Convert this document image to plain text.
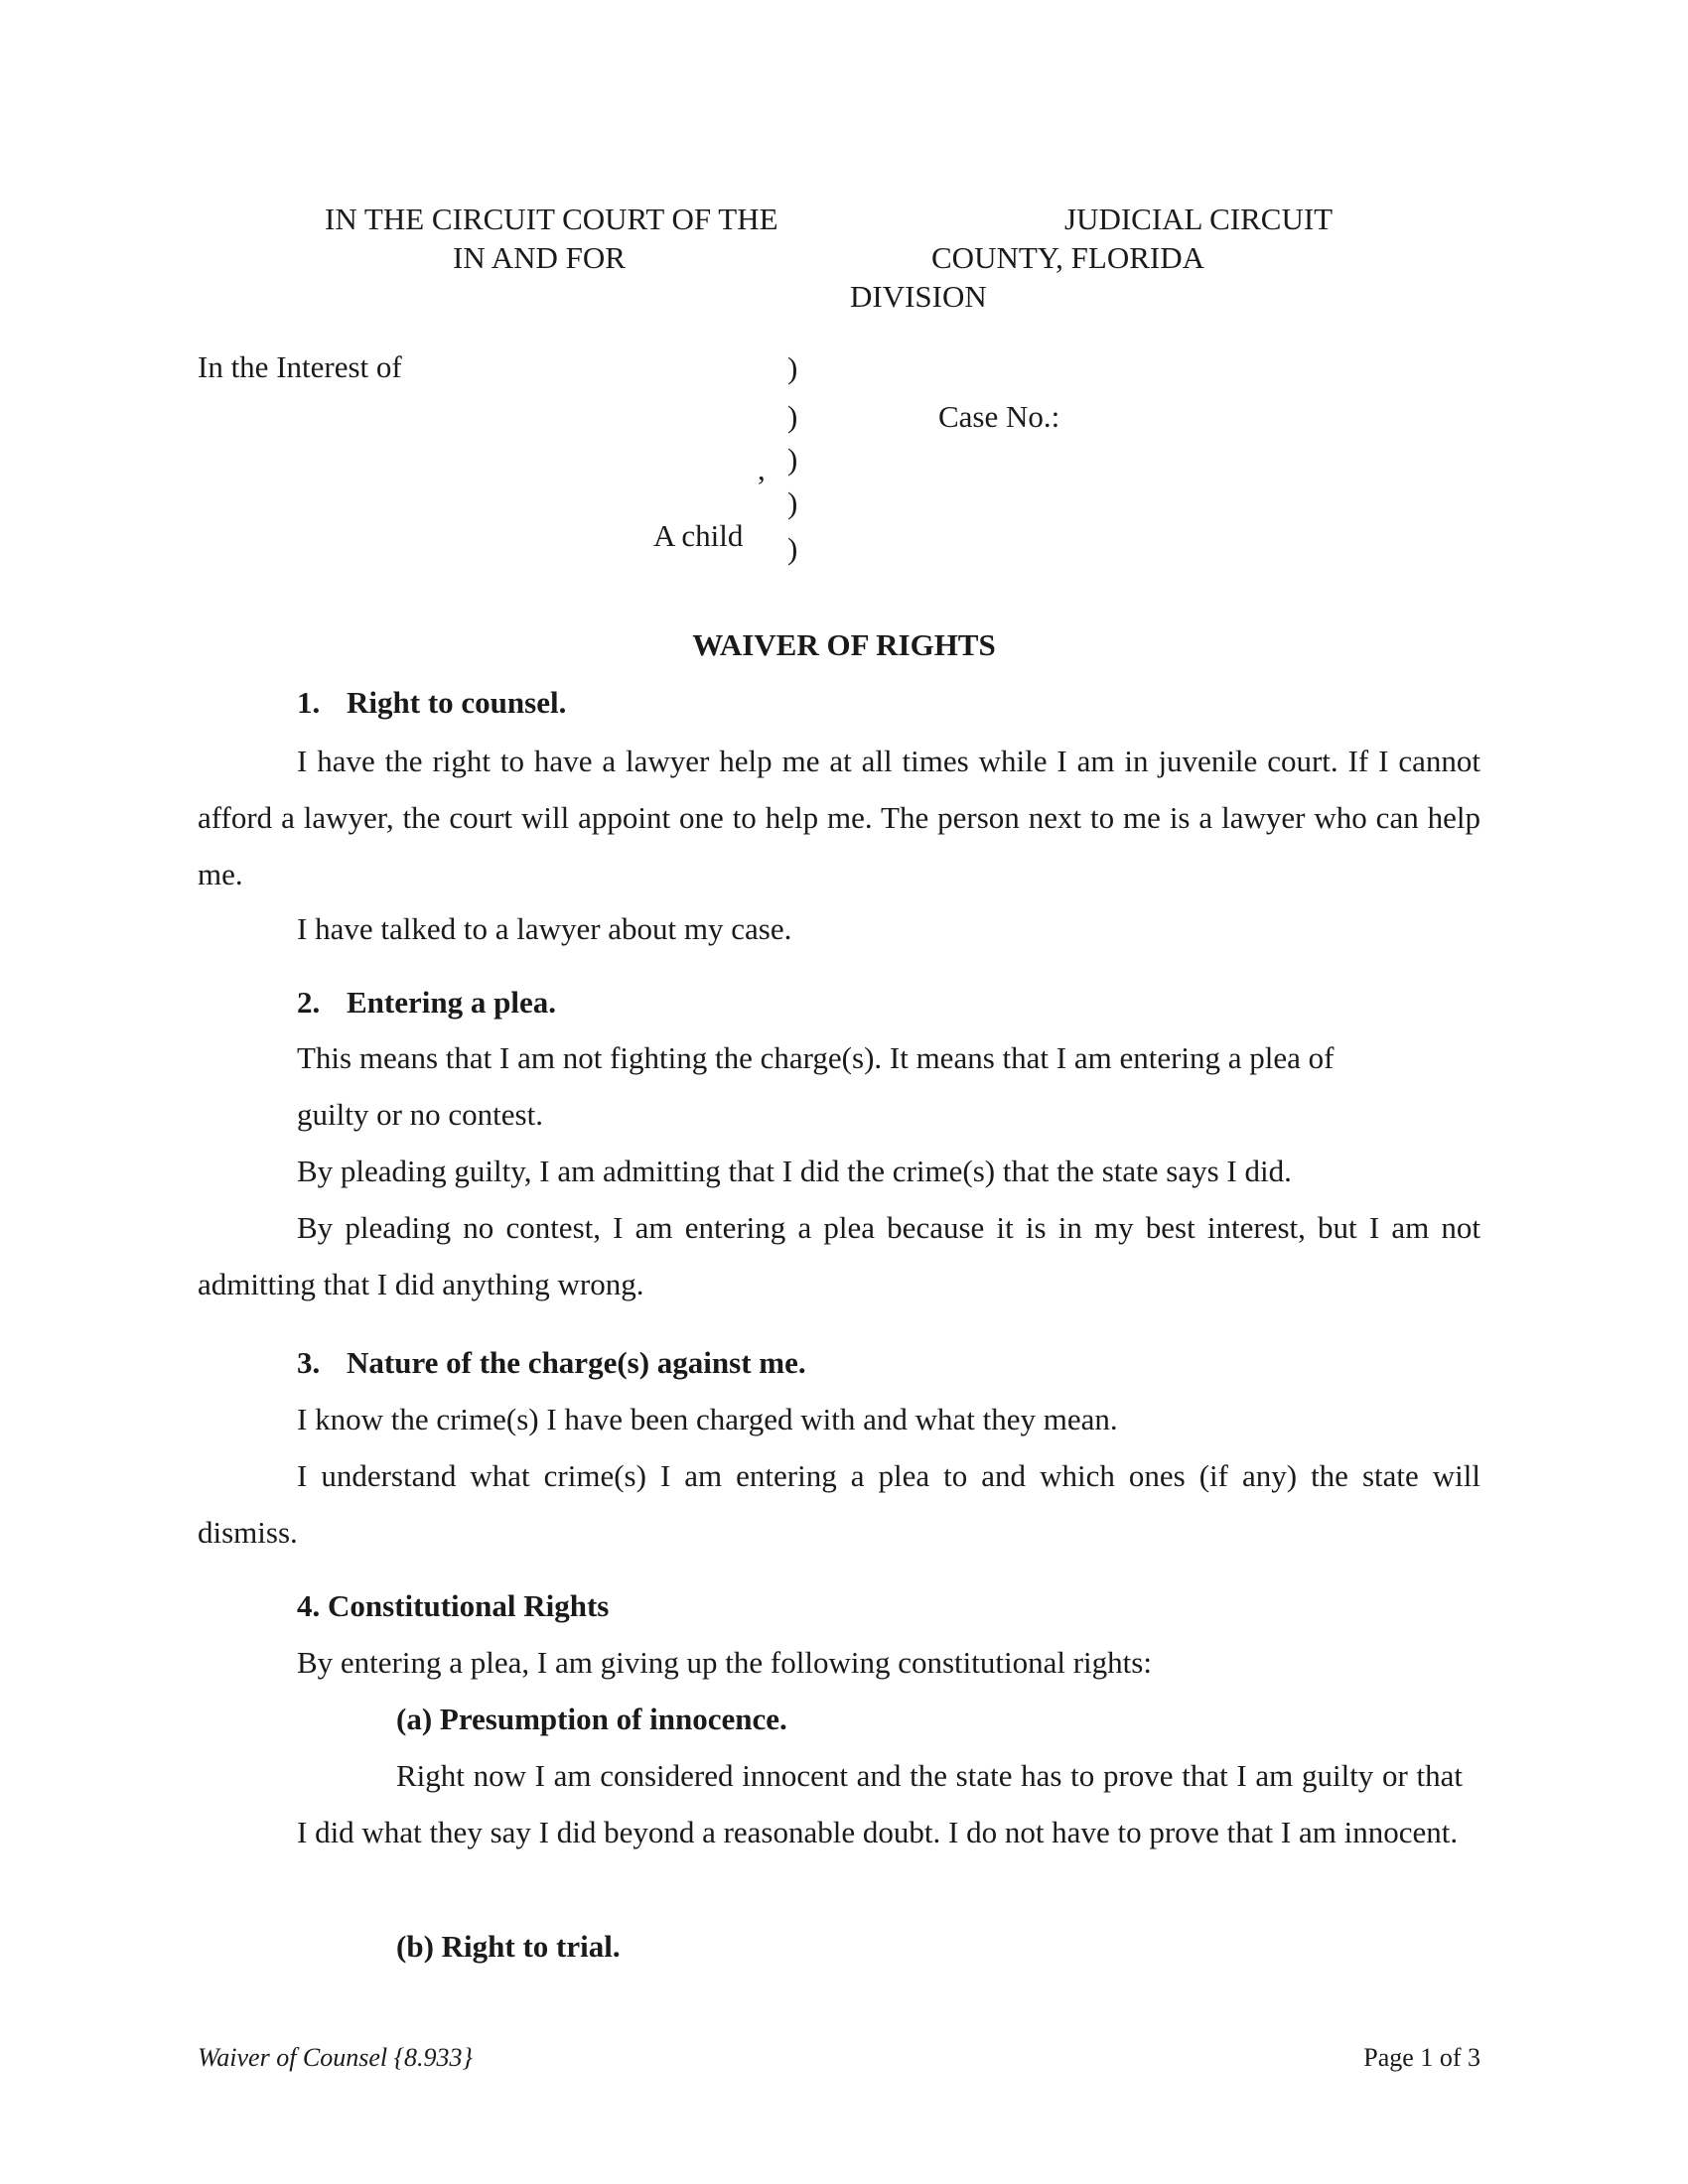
IN THE CIRCUIT COURT OF THE	JUDICIAL CIRCUIT
IN AND FOR	COUNTY, FLORIDA
DIVISION
In the Interest of	)
)	Case No.:
, )
)
A child )
WAIVER OF RIGHTS
1. Right to counsel.

I have the right to have a lawyer help me at all times while I am in juvenile court. If I cannot afford a lawyer, the court will appoint one to help me. The person next to me is a lawyer who can help me.

I have talked to a lawyer about my case.
2. Entering a plea.
This means that I am not fighting the charge(s). It means that I am entering a plea of
guilty or no contest.
By pleading guilty, I am admitting that I did the crime(s) that the state says I did.

By pleading no contest, I am entering a plea because it is in my best interest, but I am not admitting that I did anything wrong.

3. Nature of the charge(s) against me.
I know the crime(s) I have been charged with and what they mean.

I understand what crime(s) I am entering a plea to and which ones (if any) the state will dismiss.

4. Constitutional Rights
By entering a plea, I am giving up the following constitutional rights:
(a) Presumption of innocence.

Right now I am considered innocent and the state has to prove that I am guilty or that I did what they say I did beyond a reasonable doubt. I do not have to prove that I am innocent.

(b) Right to trial.
Waiver of Counsel {8.933}	Page 1 of 3
